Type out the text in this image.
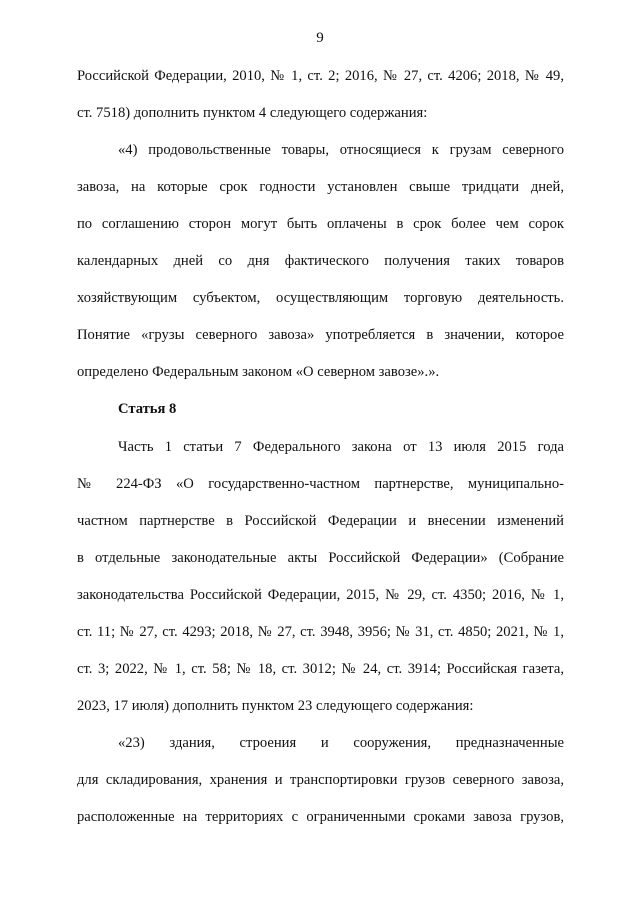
9
Российской Федерации, 2010, № 1, ст. 2; 2016, № 27, ст. 4206; 2018, № 49,
ст. 7518) дополнить пунктом 4 следующего содержания:
«4) продовольственные товары, относящиеся к грузам северного
завоза, на которые срок годности установлен свыше тридцати дней,
по соглашению сторон могут быть оплачены в срок более чем сорок
календарных дней со дня фактического получения таких товаров
хозяйствующим субъектом, осуществляющим торговую деятельность.
Понятие «грузы северного завоза» употребляется в значении, которое
определено Федеральным законом «О северном завозе».».
Статья 8
Часть 1 статьи 7 Федерального закона от 13 июля 2015 года
№ 224-ФЗ «О государственно-частном партнерстве, муниципально-
частном партнерстве в Российской Федерации и внесении изменений
в отдельные законодательные акты Российской Федерации» (Собрание
законодательства Российской Федерации, 2015, № 29, ст. 4350; 2016, № 1,
ст. 11; № 27, ст. 4293; 2018, № 27, ст. 3948, 3956; № 31, ст. 4850; 2021, № 1,
ст. 3; 2022, № 1, ст. 58; № 18, ст. 3012; № 24, ст. 3914; Российская газета,
2023, 17 июля) дополнить пунктом 23 следующего содержания:
«23) здания, строения и сооружения, предназначенные
для складирования, хранения и транспортировки грузов северного завоза,
расположенные на территориях с ограниченными сроками завоза грузов,
